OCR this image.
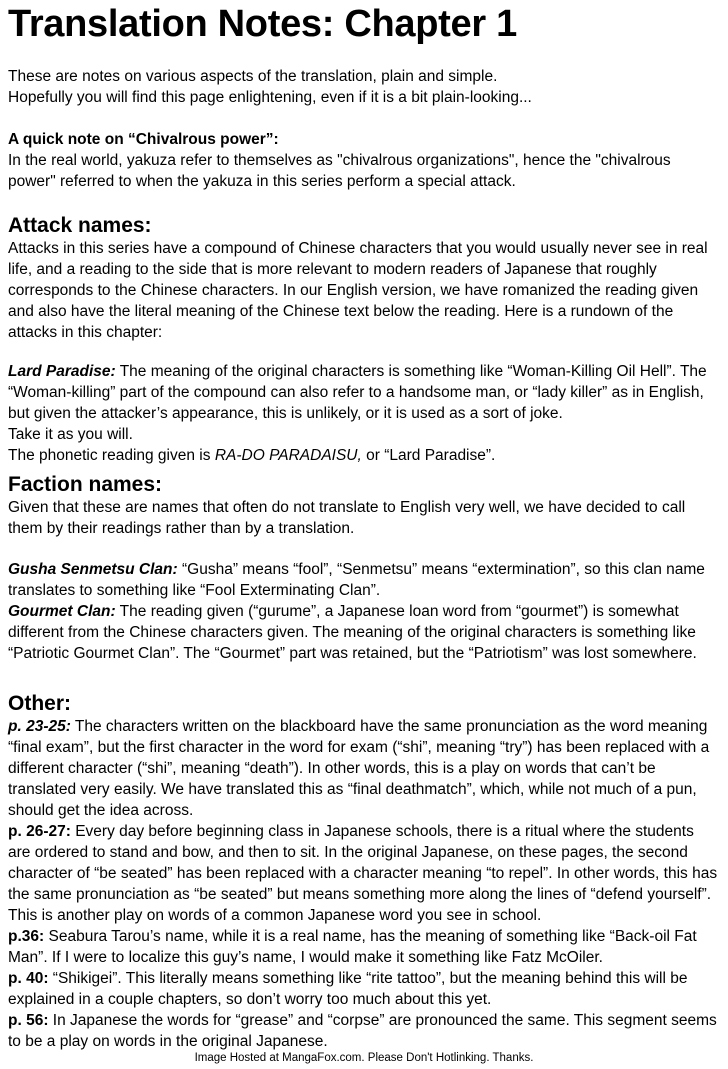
Translation Notes: Chapter 1

These are notes on various aspects of the translation, plain and simple.

Hopefully you will find this page enlightening, even if it is a bit plain-looking...

A quick note on “Chivalrous power”:

In the real world, yakuza refer to themselves as "chivalrous organizations", hence the "chivalrous power" referred to when the yakuza in this series perform a special attack.

Attack names:

Attacks in this series have a compound of Chinese characters that you would usually never see in real life, and a reading to the side that is more relevant to modern readers of Japanese that roughly corresponds to the Chinese characters. In our English version, we have romanized the reading given and also have the literal meaning of the Chinese text below the reading. Here is a rundown of the attacks in this chapter:

Lard Paradise: The meaning of the original characters is something like “Woman-Killing Oil Hell”. The “Woman-killing” part of the compound can also refer to a handsome man, or “lady killer” as in English, but given the attacker’s appearance, this is unlikely, or it is used as a sort of joke.

Take it as you will.

The phonetic reading given is RA-DO PARADAISU, or “Lard Paradise”.

Faction names:

Given that these are names that often do not translate to English very well, we have decided to call them by their readings rather than by a translation.

Gusha Senmetsu Clan: “Gusha” means “fool”, “Senmetsu” means “extermination”, so this clan name translates to something like “Fool Exterminating Clan”.

Gourmet Clan: The reading given (“gurume”, a Japanese loan word from “gourmet”) is somewhat different from the Chinese characters given. The meaning of the original characters is something like “Patriotic Gourmet Clan”. The “Gourmet” part was retained, but the “Patriotism” was lost somewhere.

Other:

p. 23-25: The characters written on the blackboard have the same pronunciation as the word meaning “final exam”, but the first character in the word for exam (“shi”, meaning “try”) has been replaced with a different character (“shi”, meaning “death”). In other words, this is a play on words that can’t be translated very easily. We have translated this as “final deathmatch”, which, while not much of a pun, should get the idea across.

p. 26-27: Every day before beginning class in Japanese schools, there is a ritual where the students are ordered to stand and bow, and then to sit. In the original Japanese, on these pages, the second character of “be seated” has been replaced with a character meaning “to repel”. In other words, this has the same pronunciation as “be seated” but means something more along the lines of “defend yourself”. This is another play on words of a common Japanese word you see in school.

p.36: Seabura Tarou’s name, while it is a real name, has the meaning of something like “Back-oil Fat Man”. If I were to localize this guy’s name, I would make it something like Fatz McOiler.

p. 40: “Shikigei”. This literally means something like “rite tattoo”, but the meaning behind this will be explained in a couple chapters, so don’t worry too much about this yet.

p. 56: In Japanese the words for “grease” and “corpse” are pronounced the same. This segment seems to be a play on words in the original Japanese.

Image Hosted at MangaFox.com. Please Don't Hotlinking. Thanks.
